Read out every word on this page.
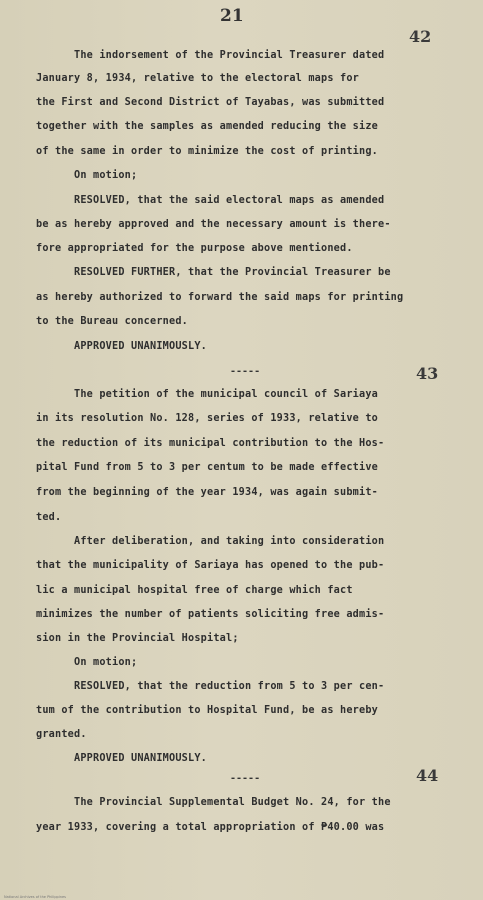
21
42
The indorsement of the Provincial Treasurer dated
January 8, 1934, relative to the electoral maps for
the First and Second District of Tayabas, was submitted
together with the samples as amended reducing the size
of the same in order to minimize the cost of printing.
On motion;
RESOLVED, that the said electoral maps as amended
be as hereby approved and the necessary amount is there-
fore appropriated for the purpose above mentioned.
RESOLVED FURTHER, that the Provincial Treasurer be
as hereby authorized to forward the said maps for printing
to the Bureau concerned.
APPROVED UNANIMOUSLY.
-----	43
The petition of the municipal council of Sariaya
in its resolution No. 128, series of 1933, relative to
the reduction of its municipal contribution to the Hos-
pital Fund from 5 to 3 per centum to be made effective
from the beginning of the year 1934, was again submit-
ted.
After deliberation, and taking into consideration
that the municipality of Sariaya has opened to the pub-
lic a municipal hospital free of charge which fact
minimizes the number of patients soliciting free admis-
sion in the Provincial Hospital;
On motion;
RESOLVED, that the reduction from 5 to 3 per cen-
tum of the contribution to Hospital Fund, be as hereby
granted.
APPROVED UNANIMOUSLY.
-----	44
The Provincial Supplemental Budget No. 24, for the
year 1933, covering a total appropriation of ₱40.00 was
National Archives of the Philippines
